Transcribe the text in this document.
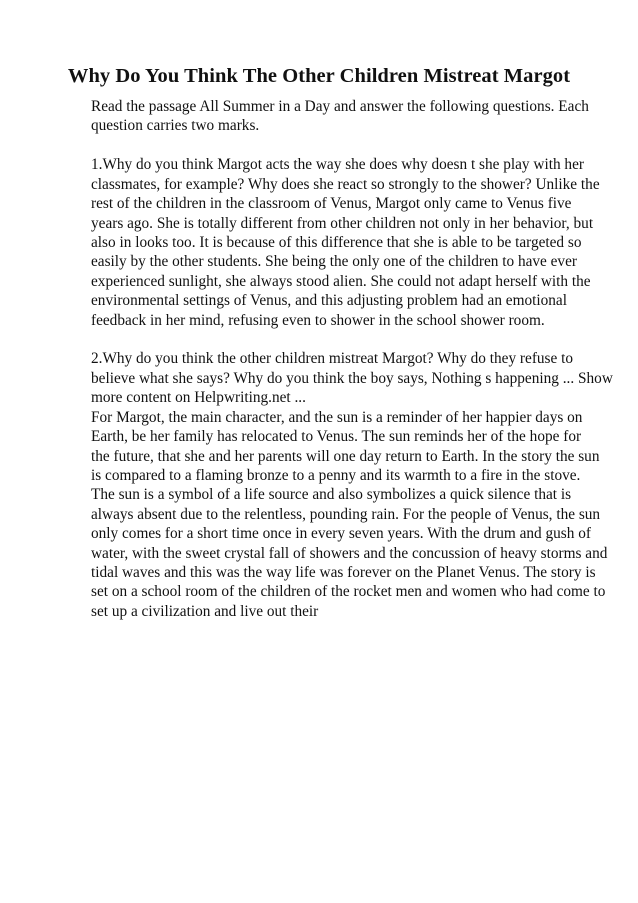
Why Do You Think The Other Children Mistreat Margot

Read the passage All Summer in a Day and answer the following questions. Each
question carries two marks.

1.Why do you think Margot acts the way she does why doesn t she play with her
classmates, for example? Why does she react so strongly to the shower? Unlike the
rest of the children in the classroom of Venus, Margot only came to Venus five
years ago. She is totally different from other children not only in her behavior, but
also in looks too. It is because of this difference that she is able to be targeted so
easily by the other students. She being the only one of the children to have ever
experienced sunlight, she always stood alien. She could not adapt herself with the
environmental settings of Venus, and this adjusting problem had an emotional
feedback in her mind, refusing even to shower in the school shower room.

2.Why do you think the other children mistreat Margot? Why do they refuse to
believe what she says? Why do you think the boy says, Nothing s happening ... Show
more content on Helpwriting.net ...

For Margot, the main character, and the sun is a reminder of her happier days on
Earth, be her family has relocated to Venus. The sun reminds her of the hope for
the future, that she and her parents will one day return to Earth. In the story the sun
is compared to a flaming bronze to a penny and its warmth to a fire in the stove.
The sun is a symbol of a life source and also symbolizes a quick silence that is
always absent due to the relentless, pounding rain. For the people of Venus, the sun
only comes for a short time once in every seven years. With the drum and gush of
water, with the sweet crystal fall of showers and the concussion of heavy storms and
tidal waves and this was the way life was forever on the Planet Venus. The story is
set on a school room of the children of the rocket men and women who had come to
set up a civilization and live out their
